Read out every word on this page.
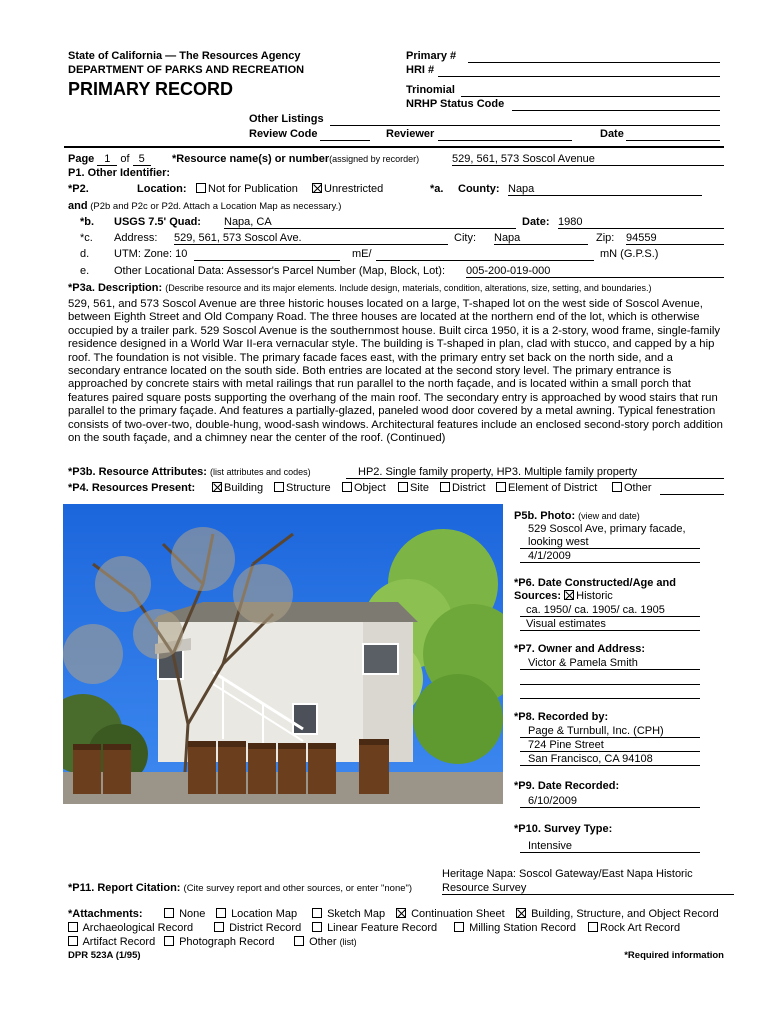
State of California — The Resources Agency
DEPARTMENT OF PARKS AND RECREATION
PRIMARY RECORD
Primary #
HRI #
Trinomial
NRHP Status Code
Other Listings
Review Code	Reviewer	Date
Page 1 of 5	*Resource name(s) or number(assigned by recorder)	529, 561, 573 Soscol Avenue
P1. Other Identifier:
*P2.	Location:	Not for Publication	Unrestricted	*a. County: Napa
and (P2b and P2c or P2d. Attach a Location Map as necessary.)
*b. USGS 7.5' Quad: Napa, CA	Date: 1980
*c. Address: 529, 561, 573 Soscol Ave.	City: Napa	Zip: 94559
d. UTM: Zone: 10	mE/	mN (G.P.S.)
e. Other Locational Data: Assessor's Parcel Number (Map, Block, Lot): 005-200-019-000
*P3a. Description: (Describe resource and its major elements. Include design, materials, condition, alterations, size, setting, and boundaries.)
529, 561, and 573 Soscol Avenue are three historic houses located on a large, T-shaped lot on the west side of Soscol Avenue, between Eighth Street and Old Company Road. The three houses are located at the northern end of the lot, which is otherwise occupied by a trailer park. 529 Soscol Avenue is the southernmost house. Built circa 1950, it is a 2-story, wood frame, single-family residence designed in a World War II-era vernacular style. The building is T-shaped in plan, clad with stucco, and capped by a hip roof. The foundation is not visible. The primary facade faces east, with the primary entry set back on the north side, and a secondary entrance located on the south side. Both entries are located at the second story level. The primary entrance is approached by concrete stairs with metal railings that run parallel to the north façade, and is located within a small porch that features paired square posts supporting the overhang of the main roof. The secondary entry is approached by wood stairs that run parallel to the primary façade. And features a partially-glazed, paneled wood door covered by a metal awning. Typical fenestration consists of two-over-two, double-hung, wood-sash windows. Architectural features include an enclosed second-story porch addition on the south façade, and a chimney near the center of the roof. (Continued)
*P3b. Resource Attributes: (list attributes and codes)	HP2. Single family property, HP3. Multiple family property
*P4. Resources Present:	Building	Structure	Object	Site	District	Element of District	Other
P5b. Photo: (view and date)
529 Soscol Ave, primary facade,
looking west
4/1/2009
*P6. Date Constructed/Age and
Sources: Historic
ca. 1950/ ca. 1905/ ca. 1905
Visual estimates
*P7. Owner and Address:
Victor & Pamela Smith
*P8. Recorded by:
Page & Turnbull, Inc. (CPH)
724 Pine Street
San Francisco, CA 94108
*P9. Date Recorded:
6/10/2009
*P10. Survey Type:
Intensive
Heritage Napa: Soscol Gateway/East Napa Historic
*P11. Report Citation: (Cite survey report and other sources, or enter "none")	Resource Survey
*Attachments:	None	Location Map	Sketch Map	Continuation Sheet	Building, Structure, and Object Record
Archaeological Record	District Record	Linear Feature Record	Milling Station Record	Rock Art Record
Artifact Record	Photograph Record	Other (list)
DPR 523A (1/95)	*Required information
